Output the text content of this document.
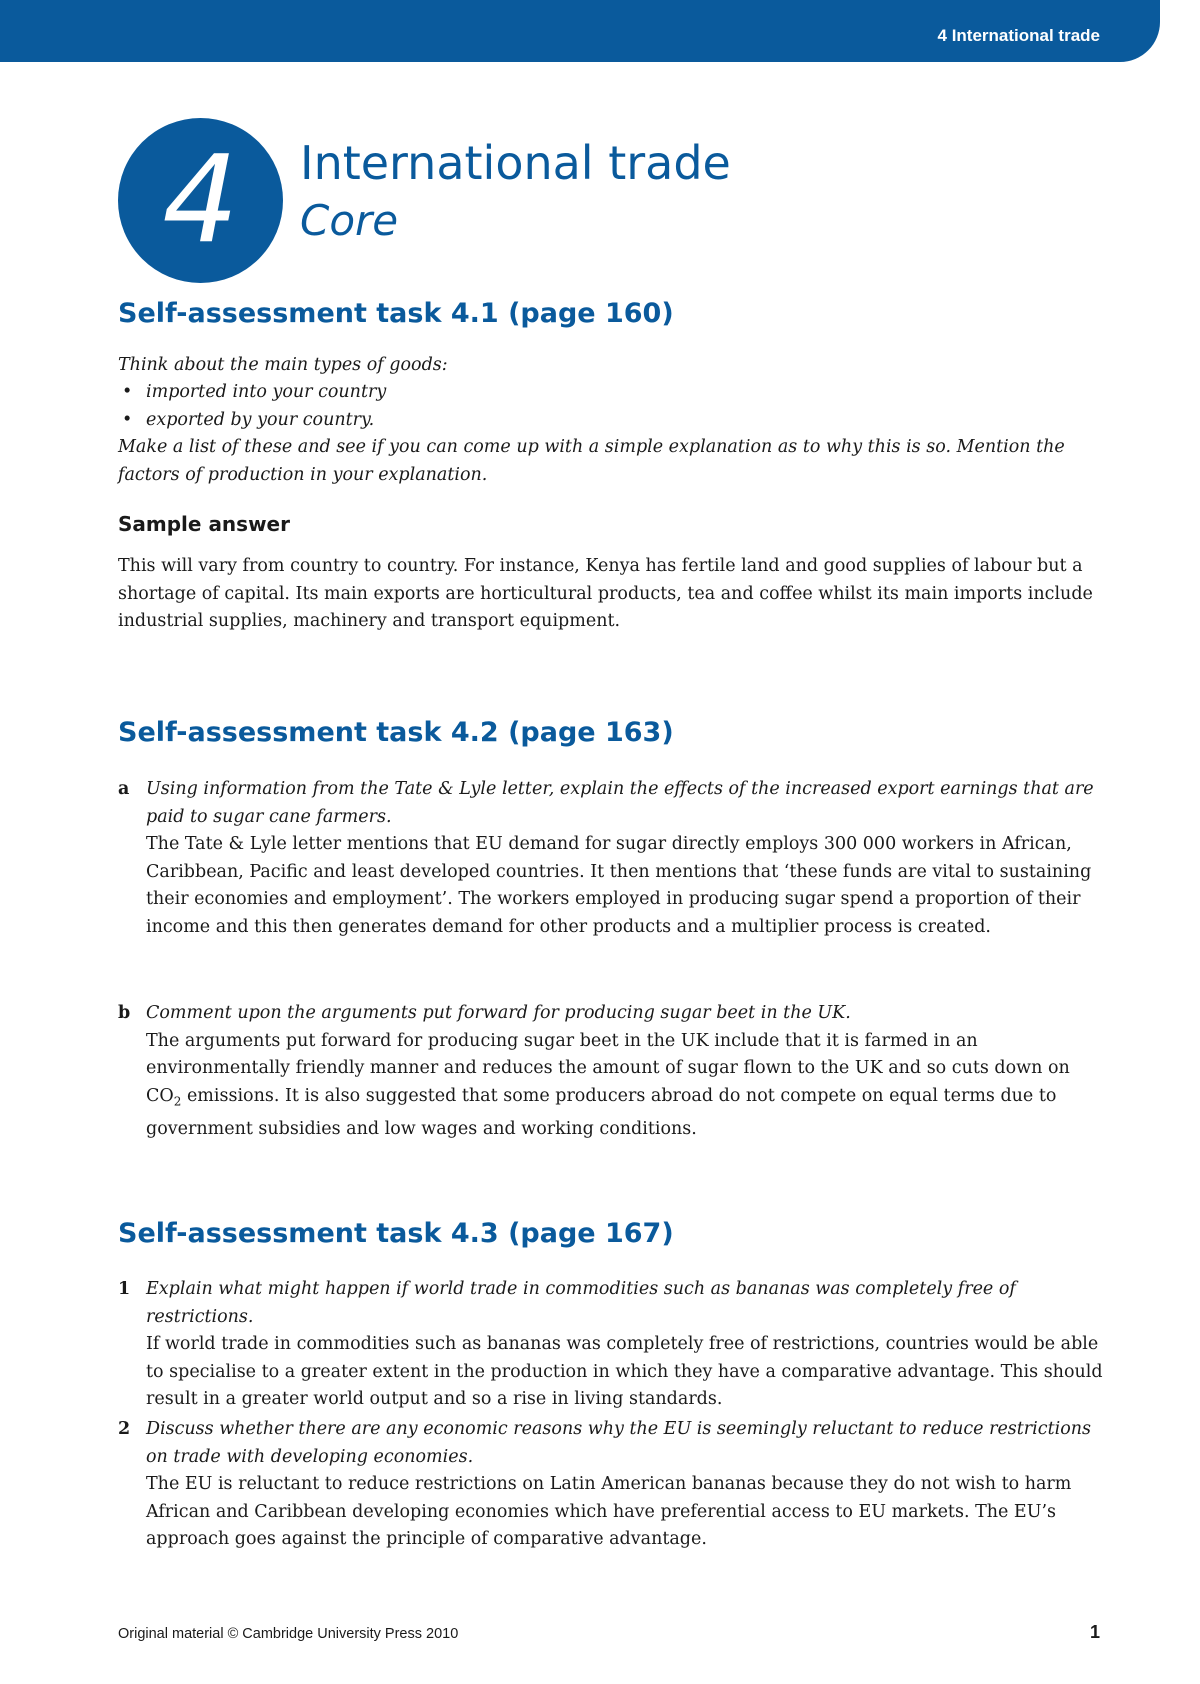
4 International trade
4	International trade
Core
Self-assessment task 4.1 (page 160)

Think about the main types of goods:

• imported into your country
• exported by your country.

Make a list of these and see if you can come up with a simple explanation as to why this is so. Mention the factors of production in your explanation.

Sample answer

This will vary from country to country. For instance, Kenya has fertile land and good supplies of labour but a shortage of capital. Its main exports are horticultural products, tea and coffee whilst its main imports include industrial supplies, machinery and transport equipment.

Self-assessment task 4.2 (page 163)
a Using information from the Tate & Lyle letter, explain the effects of the increased export earnings that are paid to sugar cane farmers.

The Tate & Lyle letter mentions that EU demand for sugar directly employs 300 000 workers in African, Caribbean, Pacific and least developed countries. It then mentions that ‘these funds are vital to sustaining their economies and employment’. The workers employed in producing sugar spend a proportion of their income and this then generates demand for other products and a multiplier process is created.

b Comment upon the arguments put forward for producing sugar beet in the UK.

The arguments put forward for producing sugar beet in the UK include that it is farmed in an environmentally friendly manner and reduces the amount of sugar flown to the UK and so cuts down on $CO_2$ emissions. It is also suggested that some producers abroad do not compete on equal terms due to government subsidies and low wages and working conditions.

Self-assessment task 4.3 (page 167)
1 Explain what might happen if world trade in commodities such as bananas was completely free of restrictions.

If world trade in commodities such as bananas was completely free of restrictions, countries would be able to specialise to a greater extent in the production in which they have a comparative advantage. This should result in a greater world output and so a rise in living standards.

2 Discuss whether there are any economic reasons why the EU is seemingly reluctant to reduce restrictions on trade with developing economies.

The EU is reluctant to reduce restrictions on Latin American bananas because they do not wish to harm African and Caribbean developing economies which have preferential access to EU markets. The EU’s approach goes against the principle of comparative advantage.

Original material © Cambridge University Press 2010	1
